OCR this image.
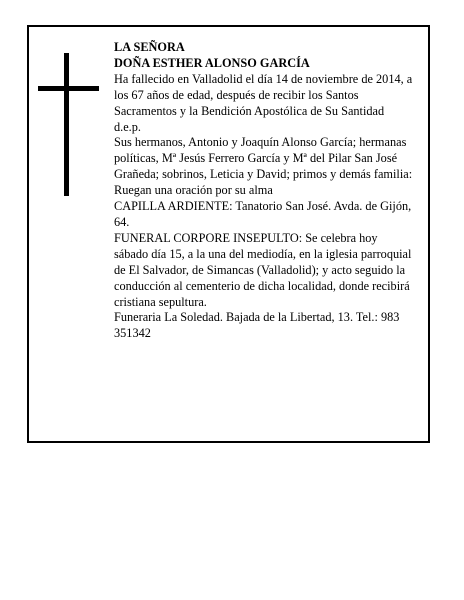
LA SEÑORA

DOÑA ESTHER ALONSO GARCÍA

Ha fallecido en Valladolid el día 14 de noviembre de 2014, a los 67 años de edad, después de recibir los Santos Sacramentos y la Bendición Apostólica de Su Santidad

d.e.p.

Sus hermanos, Antonio y Joaquín Alonso García; hermanas políticas, Mª Jesús Ferrero García y Mª del Pilar San José Grañeda; sobrinos, Leticia y David; primos y demás familia:

Ruegan una oración por su alma

CAPILLA ARDIENTE: Tanatorio San José. Avda. de Gijón, 64.

FUNERAL CORPORE INSEPULTO: Se celebra hoy sábado día 15, a la una del mediodía, en la iglesia parroquial de El Salvador, de Simancas (Valladolid); y acto seguido la conducción al cementerio de dicha localidad, donde recibirá cristiana sepultura.

Funeraria La Soledad. Bajada de la Libertad, 13. Tel.: 983 351342
